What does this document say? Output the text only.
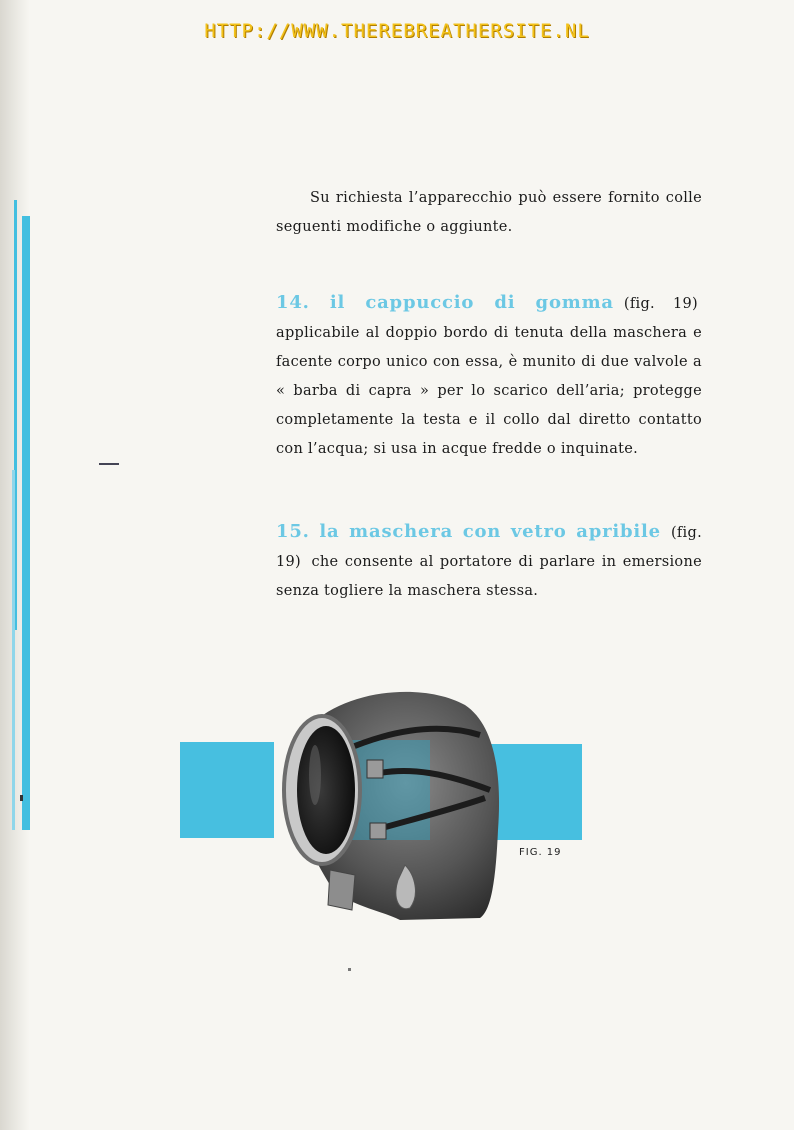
HTTP://WWW.THEREBREATHERSITE.NL

Su richiesta l’apparecchio può essere fornito colle seguenti modifiche o aggiunte.

14. il cappuccio di gomma (fig. 19) applicabile al doppio bordo di tenuta della maschera e facente corpo unico con essa, è munito di due valvole a « barba di capra » per lo scarico dell’aria; protegge completamente la testa e il collo dal diretto contatto con l’acqua; si usa in acque fredde o inquinate.

15. la maschera con vetro apribile (fig. 19) che consente al portatore di parlare in emersione senza togliere la maschera stessa.

FIG. 19
